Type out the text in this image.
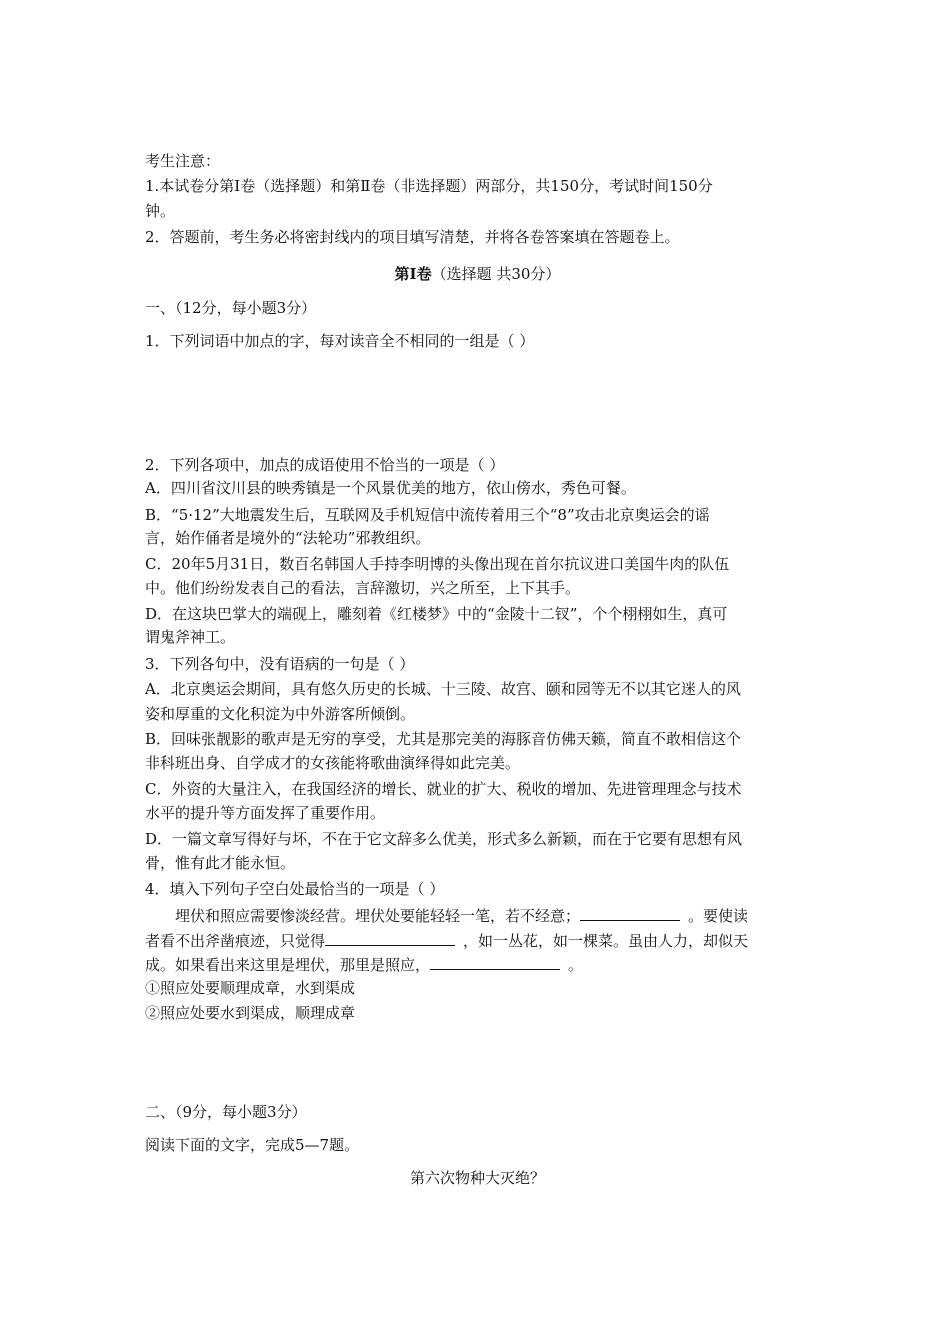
考生注意：
1.本试卷分第Ⅰ卷（选择题）和第Ⅱ卷（非选择题）两部分，共150分，考试时间150分
钟。
2．答题前，考生务必将密封线内的项目填写清楚，并将各卷答案填在答题卷上。
第Ⅰ卷（选择题 共30分）
一、（12分，每小题3分）
1．下列词语中加点的字，每对读音全不相同的一组是（ ）
2．下列各项中，加点的成语使用不恰当的一项是（ ）
A．四川省汶川县的映秀镇是一个风景优美的地方，依山傍水，秀色可餐。
B．“5·12”大地震发生后，互联网及手机短信中流传着用三个“8”攻击北京奥运会的谣
言，始作俑者是境外的“法轮功”邪教组织。
C．20年5月31日，数百名韩国人手持李明博的头像出现在首尔抗议进口美国牛肉的队伍
中。他们纷纷发表自己的看法，言辞激切，兴之所至，上下其手。
D．在这块巴掌大的端砚上，雕刻着《红楼梦》中的“金陵十二钗”，个个栩栩如生，真可
谓鬼斧神工。
3．下列各句中，没有语病的一句是（ ）
A．北京奥运会期间，具有悠久历史的长城、十三陵、故宫、颐和园等无不以其它迷人的风
姿和厚重的文化积淀为中外游客所倾倒。
B．回味张靓影的歌声是无穷的享受，尤其是那完美的海豚音仿佛天籁，简直不敢相信这个
非科班出身、自学成才的女孩能将歌曲演绎得如此完美。
C．外资的大量注入，在我国经济的增长、就业的扩大、税收的增加、先进管理理念与技术
水平的提升等方面发挥了重要作用。
D．一篇文章写得好与坏，不在于它文辞多么优美，形式多么新颖，而在于它要有思想有风
骨，惟有此才能永恒。
4．填入下列句子空白处最恰当的一项是（ ）
埋伏和照应需要惨淡经营。埋伏处要能轻轻一笔，若不经意；	。要使读
者看不出斧凿痕迹，只觉得	，如一丛花，如一棵菜。虽由人力，却似天
成。如果看出来这里是埋伏，那里是照应，	。
①照应处要顺理成章，水到渠成
②照应处要水到渠成，顺理成章
二、（9分，每小题3分）
阅读下面的文字，完成5—7题。
第六次物种大灭绝？
